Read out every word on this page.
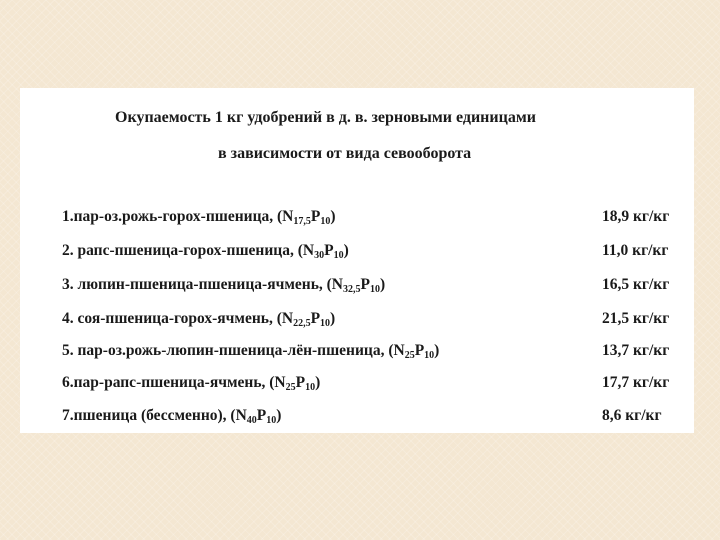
Окупаемость 1 кг удобрений в д. в. зерновыми единицами
в зависимости от вида севооборота
1.пар-оз.рожь-горох-пшеница, $(N_{17,5}P_{10})$	18,9 кг/кг
2. рапс-пшеница-горох-пшеница, $(N_{30}P_{10})$	11,0 кг/кг
3. люпин-пшеница-пшеница-ячмень, $(N_{32,5}P_{10})$	16,5 кг/кг
4. соя-пшеница-горох-ячмень, $(N_{22,5}P_{10})$	21,5 кг/кг
5. пар-оз.рожь-люпин-пшеница-лён-пшеница, $(N_{25}P_{10})$	13,7 кг/кг
6.пар-рапс-пшеница-ячмень, $(N_{25}P_{10})$	17,7 кг/кг
7.пшеница (бессменно), $(N_{40}P_{10})$	8,6 кг/кг
